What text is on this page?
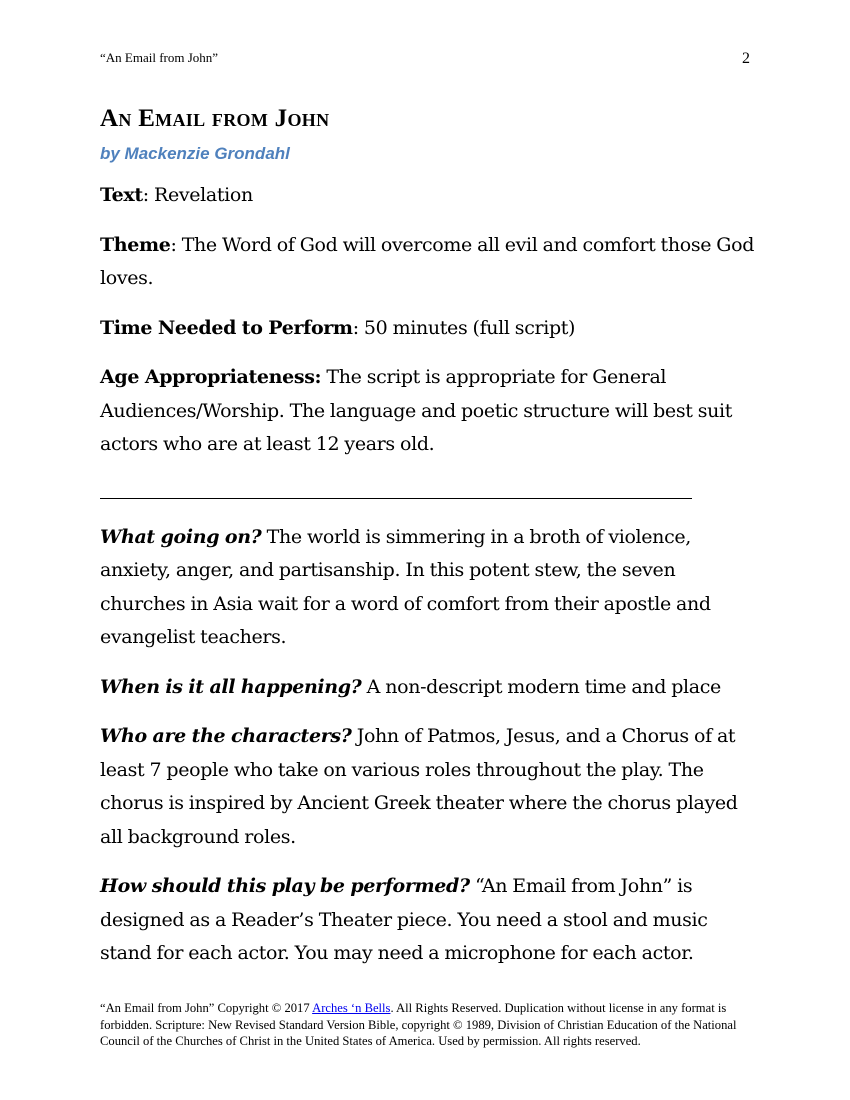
“An Email from John”	2
An Email from John

by Mackenzie Grondahl

Text: Revelation

Theme: The Word of God will overcome all evil and comfort those God loves.

Time Needed to Perform: 50 minutes (full script)

Age Appropriateness: The script is appropriate for General Audiences/Worship. The language and poetic structure will best suit actors who are at least 12 years old.

What going on? The world is simmering in a broth of violence, anxiety, anger, and partisanship. In this potent stew, the seven churches in Asia wait for a word of comfort from their apostle and evangelist teachers.

When is it all happening? A non-descript modern time and place

Who are the characters? John of Patmos, Jesus, and a Chorus of at least 7 people who take on various roles throughout the play. The chorus is inspired by Ancient Greek theater where the chorus played all background roles.

How should this play be performed? “An Email from John” is designed as a Reader’s Theater piece. You need a stool and music stand for each actor. You may need a microphone for each actor.

“An Email from John” Copyright © 2017 Arches ‘n Bells. All Rights Reserved. Duplication without license in any format is forbidden. Scripture: New Revised Standard Version Bible, copyright © 1989, Division of Christian Education of the National Council of the Churches of Christ in the United States of America. Used by permission. All rights reserved.
